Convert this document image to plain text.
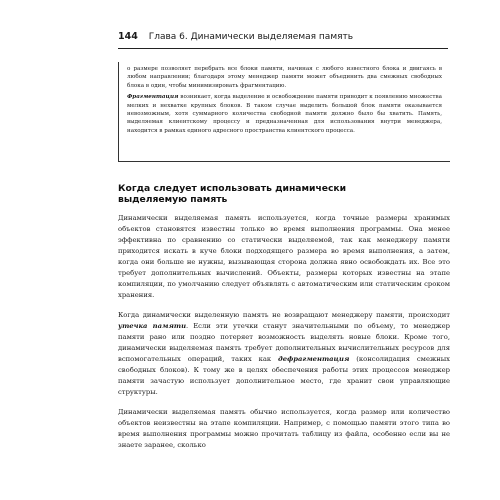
144 Глава 6. Динамически выделяемая память

о размере позволяет перебрать все блоки памяти, начиная с любого известного блока и двигаясь в любом направлении; благодаря этому менеджер памяти может объединить два смежных свободных блока в один, чтобы минимизировать фрагментацию.

Фрагментация возникает, когда выделение и освобождение памяти приводит к появлению множества мелких и нехватке крупных блоков. В таком случае выделить большой блок памяти оказывается невозможным, хотя суммарного количества свободной памяти должно было бы хватить. Память, выделяемая клиентскому процессу и предназначенная для использования внутри менеджера, находится в рамках единого адресного пространства клиентского процесса.

Когда следует использовать динамически
выделяемую память

Динамически выделяемая память используется, когда точные размеры хранимых объектов становятся известны только во время выполнения программы. Она менее эффективна по сравнению со статически выделяемой, так как менеджеру памяти приходится искать в куче блоки подходящего размера во время выполнения, а затем, когда они больше не нужны, вызывающая сторона должна явно освобождать их. Все это требует дополнительных вычислений. Объекты, размеры которых известны на этапе компиляции, по умолчанию следует объявлять с автоматическим или статическим сроком хранения.

Когда динамически выделенную память не возвращают менеджеру памяти, происходит утечка памяти. Если эти утечки станут значительными по объему, то менеджер памяти рано или поздно потеряет возможность выделять новые блоки. Кроме того, динамически выделяемая память требует дополнительных вычислительных ресурсов для вспомогательных операций, таких как дефрагментация (консолидация смежных свободных блоков). К тому же в целях обеспечения работы этих процессов менеджер памяти зачастую использует дополнительное место, где хранит свои управляющие структуры.

Динамически выделяемая память обычно используется, когда размер или количество объектов неизвестны на этапе компиляции. Например, с помощью памяти этого типа во время выполнения программы можно прочитать таблицу из файла, особенно если вы не знаете заранее, сколько
